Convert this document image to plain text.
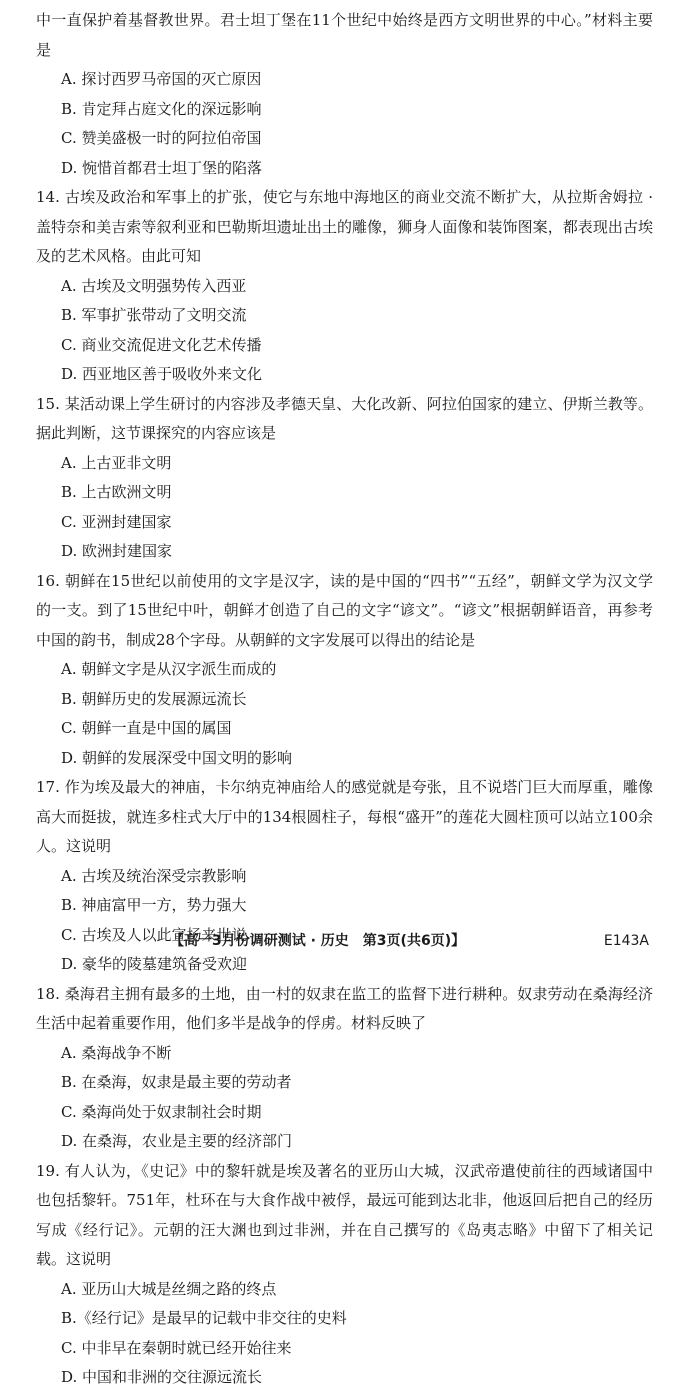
中一直保护着基督教世界。君士坦丁堡在11个世纪中始终是西方文明世界的中心。”材料主要是
A. 探讨西罗马帝国的灭亡原因
B. 肯定拜占庭文化的深远影响
C. 赞美盛极一时的阿拉伯帝国
D. 惋惜首都君士坦丁堡的陷落
14. 古埃及政治和军事上的扩张，使它与东地中海地区的商业交流不断扩大，从拉斯舍姆拉 · 盖特奈和美吉索等叙利亚和巴勒斯坦遗址出土的雕像，狮身人面像和装饰图案，都表现出古埃及的艺术风格。由此可知
A. 古埃及文明强势传入西亚
B. 军事扩张带动了文明交流
C. 商业交流促进文化艺术传播
D. 西亚地区善于吸收外来文化
15. 某活动课上学生研讨的内容涉及孝德天皇、大化改新、阿拉伯国家的建立、伊斯兰教等。据此判断，这节课探究的内容应该是
A. 上古亚非文明
B. 上古欧洲文明
C. 亚洲封建国家
D. 欧洲封建国家
16. 朝鲜在15世纪以前使用的文字是汉字，读的是中国的“四书”“五经”，朝鲜文学为汉文学的一支。到了15世纪中叶，朝鲜才创造了自己的文字“谚文”。“谚文”根据朝鲜语音，再参考中国的韵书，制成28个字母。从朝鲜的文字发展可以得出的结论是
A. 朝鲜文字是从汉字派生而成的
B. 朝鲜历史的发展源远流长
C. 朝鲜一直是中国的属国
D. 朝鲜的发展深受中国文明的影响
17. 作为埃及最大的神庙，卡尔纳克神庙给人的感觉就是夸张，且不说塔门巨大而厚重，雕像高大而挺拔，就连多柱式大厅中的134根圆柱子，每根“盛开”的莲花大圆柱顶可以站立100余人。这说明
A. 古埃及统治深受宗教影响
B. 神庙富甲一方，势力强大
C. 古埃及人以此宣扬来世说
D. 豪华的陵墓建筑备受欢迎
18. 桑海君主拥有最多的土地，由一村的奴隶在监工的监督下进行耕种。奴隶劳动在桑海经济生活中起着重要作用，他们多半是战争的俘虏。材料反映了
A. 桑海战争不断
B. 在桑海，奴隶是最主要的劳动者
C. 桑海尚处于奴隶制社会时期
D. 在桑海，农业是主要的经济部门
19. 有人认为，《史记》中的黎轩就是埃及著名的亚历山大城，汉武帝遣使前往的西域诸国中也包括黎轩。751年，杜环在与大食作战中被俘，最远可能到达北非，他返回后把自己的经历写成《经行记》。元朝的汪大渊也到过非洲，并在自己撰写的《岛夷志略》中留下了相关记载。这说明
A. 亚历山大城是丝绸之路的终点
B.《经行记》是最早的记载中非交往的史料
C. 中非早在秦朝时就已经开始往来
D. 中国和非洲的交往源远流长
【高一3月份调研测试 · 历史　第3页(共6页)】	E143A
